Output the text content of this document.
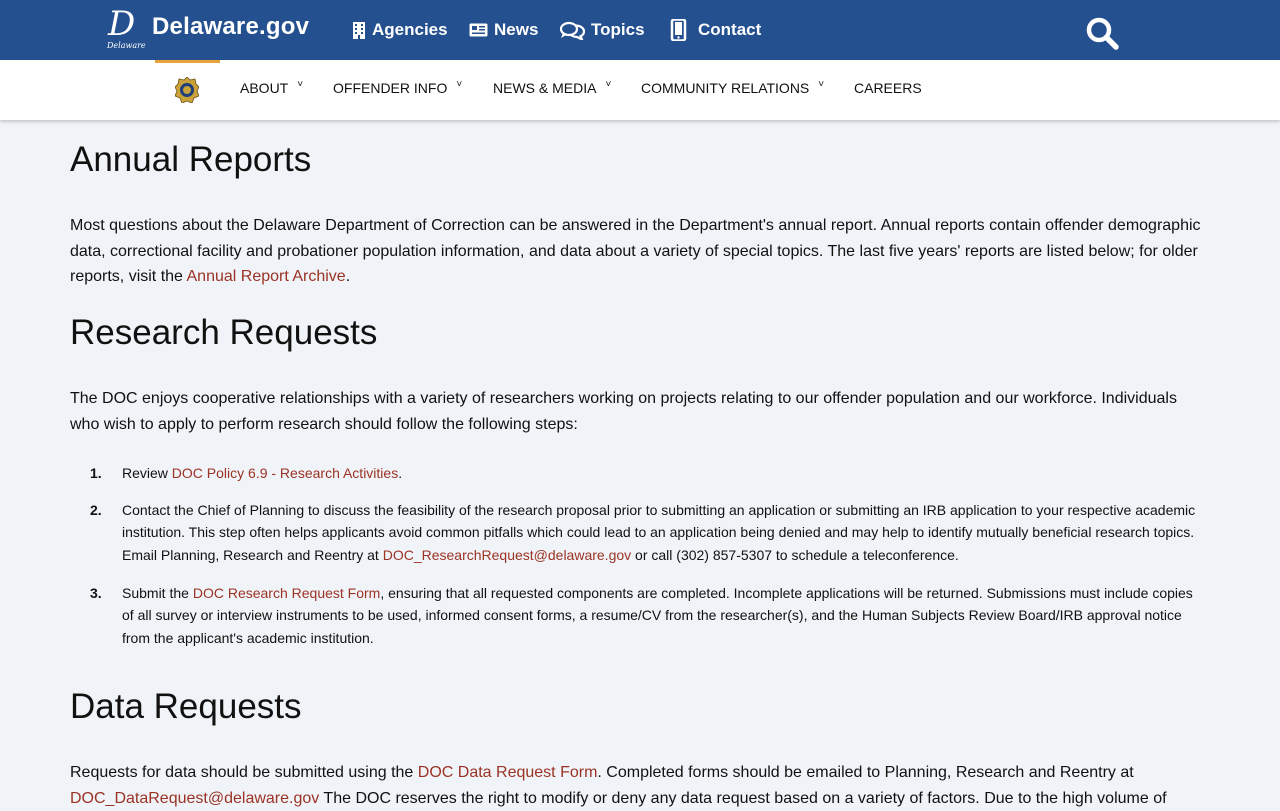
D
Delaware
Delaware.gov	Agencies	News	Topics	Contact
ABOUT ˅ OFFENDER INFO ˅ NEWS & MEDIA ˅ COMMUNITY RELATIONS ˅ CAREERS
Annual Reports

Most questions about the Delaware Department of Correction can be answered in the Department's annual report. Annual reports contain offender demographic data, correctional facility and probationer population information, and data about a variety of special topics. The last five years' reports are listed below; for older reports, visit the Annual Report Archive.

Research Requests

The DOC enjoys cooperative relationships with a variety of researchers working on projects relating to our offender population and our workforce. Individuals who wish to apply to perform research should follow the following steps:

1. Review DOC Policy 6.9 - Research Activities.
2. Contact the Chief of Planning to discuss the feasibility of the research proposal prior to submitting an application or submitting an IRB application to your respective academic institution. This step often helps applicants avoid common pitfalls which could lead to an application being denied and may help to identify mutually beneficial research topics. Email Planning, Research and Reentry at DOC_ResearchRequest@delaware.gov or call (302) 857-5307 to schedule a teleconference.
3. Submit the DOC Research Request Form, ensuring that all requested components are completed. Incomplete applications will be returned. Submissions must include copies of all survey or interview instruments to be used, informed consent forms, a resume/CV from the researcher(s), and the Human Subjects Review Board/IRB approval notice from the applicant's academic institution.
Data Requests

Requests for data should be submitted using the DOC Data Request Form. Completed forms should be emailed to Planning, Research and Reentry at DOC_DataRequest@delaware.gov The DOC reserves the right to modify or deny any data request based on a variety of factors. Due to the high volume of
